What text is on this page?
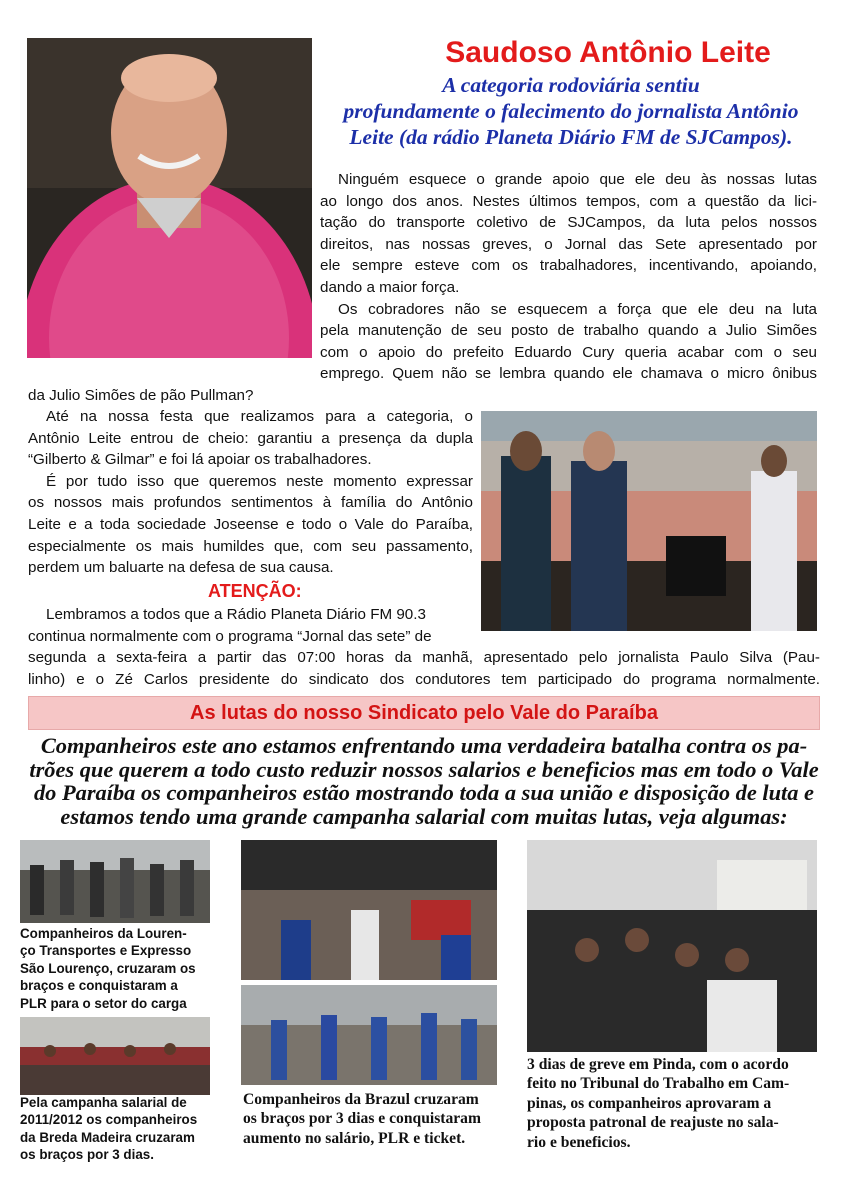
Saudoso Antônio Leite
A categoria rodoviária sentiu
profundamente o falecimento do jornalista Antônio
Leite (da rádio Planeta Diário FM de SJCampos).

Ninguém esquece o grande apoio que ele deu às nossas lutas

ao longo dos anos. Nestes últimos tempos, com a questão da lici-

tação do transporte coletivo de SJCampos, da luta pelos nossos

direitos, nas nossas greves, o Jornal das Sete apresentado por

ele sempre esteve com os trabalhadores, incentivando, apoiando,

dando a maior força.

Os cobradores não se esquecem a força que ele deu na luta

pela manutenção de seu posto de trabalho quando a Julio Simões

com o apoio do prefeito Eduardo Cury queria acabar com o seu

emprego. Quem não se lembra quando ele chamava o micro ônibus

da Julio Simões de pão Pullman?

Até na nossa festa que realizamos para a categoria, o

Antônio Leite entrou de cheio: garantiu a presença da dupla

“Gilberto & Gilmar” e foi lá apoiar os trabalhadores.

É por tudo isso que queremos neste momento expressar

os nossos mais profundos sentimentos à família do Antônio

Leite e a toda sociedade Joseense e todo o Vale do Paraíba,

especialmente os mais humildes que, com seu passamento,

perdem um baluarte na defesa de sua causa.

ATENÇÃO:

Lembramos a todos que a Rádio Planeta Diário FM 90.3

continua normalmente com o programa “Jornal das sete” de

segunda a sexta-feira a partir das 07:00 horas da manhã, apresentado pelo jornalista Paulo Silva (Pau-

linho) e o Zé Carlos presidente do sindicato dos condutores tem participado do programa normalmente.

As lutas do nosso Sindicato pelo Vale do Paraíba
Companheiros este ano estamos enfrentando uma verdadeira batalha contra os pa-
trões que querem a todo custo reduzir nossos salarios e beneficios mas em todo o Vale
do Paraíba os companheiros estão mostrando toda a sua união e disposição de luta e
estamos tendo uma grande campanha salarial com muitas lutas, veja algumas:
Companheiros da Louren-
ço Transportes e Expresso
São Lourenço, cruzaram os
braços e conquistaram a
PLR para o setor do carga
Pela campanha salarial de
2011/2012 os companheiros
da Breda Madeira cruzaram
os braços por 3 dias.
Companheiros da Brazul cruzaram
os braços por 3 dias e conquistaram
aumento no salário, PLR e ticket.
3 dias de greve em Pinda, com o acordo
feito no Tribunal do Trabalho em Cam-
pinas, os companheiros aprovaram a
proposta patronal de reajuste no sala-
rio e beneficios.
